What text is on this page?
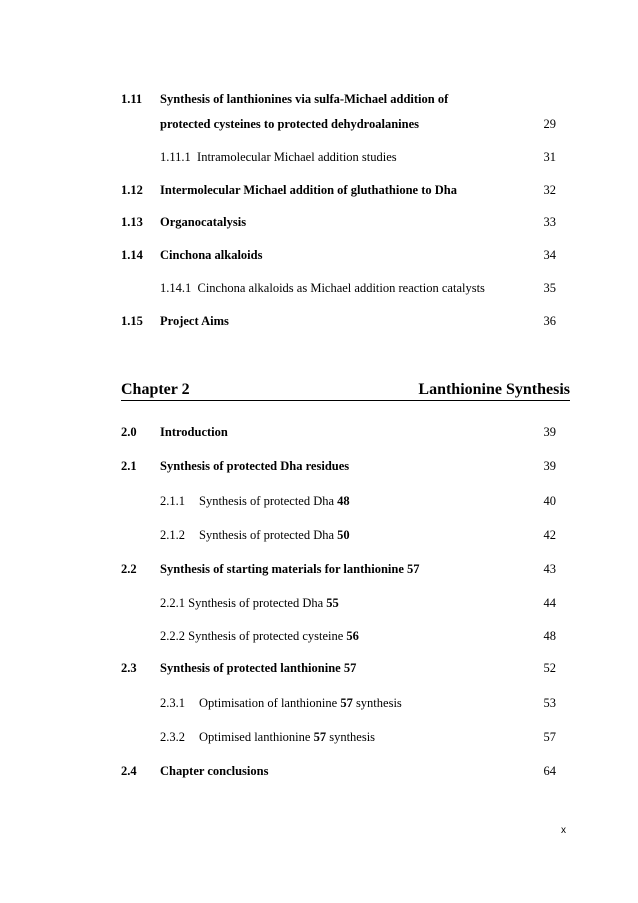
1.11 Synthesis of lanthionines via sulfa-Michael addition of
protected cysteines to protected dehydroalanines	29
1.11.1 Intramolecular Michael addition studies	31
1.12 Intermolecular Michael addition of gluthathione to Dha	32
1.13 Organocatalysis	33
1.14 Cinchona alkaloids	34
1.14.1 Cinchona alkaloids as Michael addition reaction catalysts	35
1.15 Project Aims	36
Chapter 2	Lanthionine Synthesis
2.0 Introduction	39
2.1 Synthesis of protected Dha residues	39
2.1.1 Synthesis of protected Dha 48	40
2.1.2 Synthesis of protected Dha 50	42
2.2 Synthesis of starting materials for lanthionine 57	43
2.2.1 Synthesis of protected Dha 55	44
2.2.2 Synthesis of protected cysteine 56	48
2.3 Synthesis of protected lanthionine 57	52
2.3.1 Optimisation of lanthionine 57 synthesis	53
2.3.2 Optimised lanthionine 57 synthesis	57
2.4 Chapter conclusions	64
x
